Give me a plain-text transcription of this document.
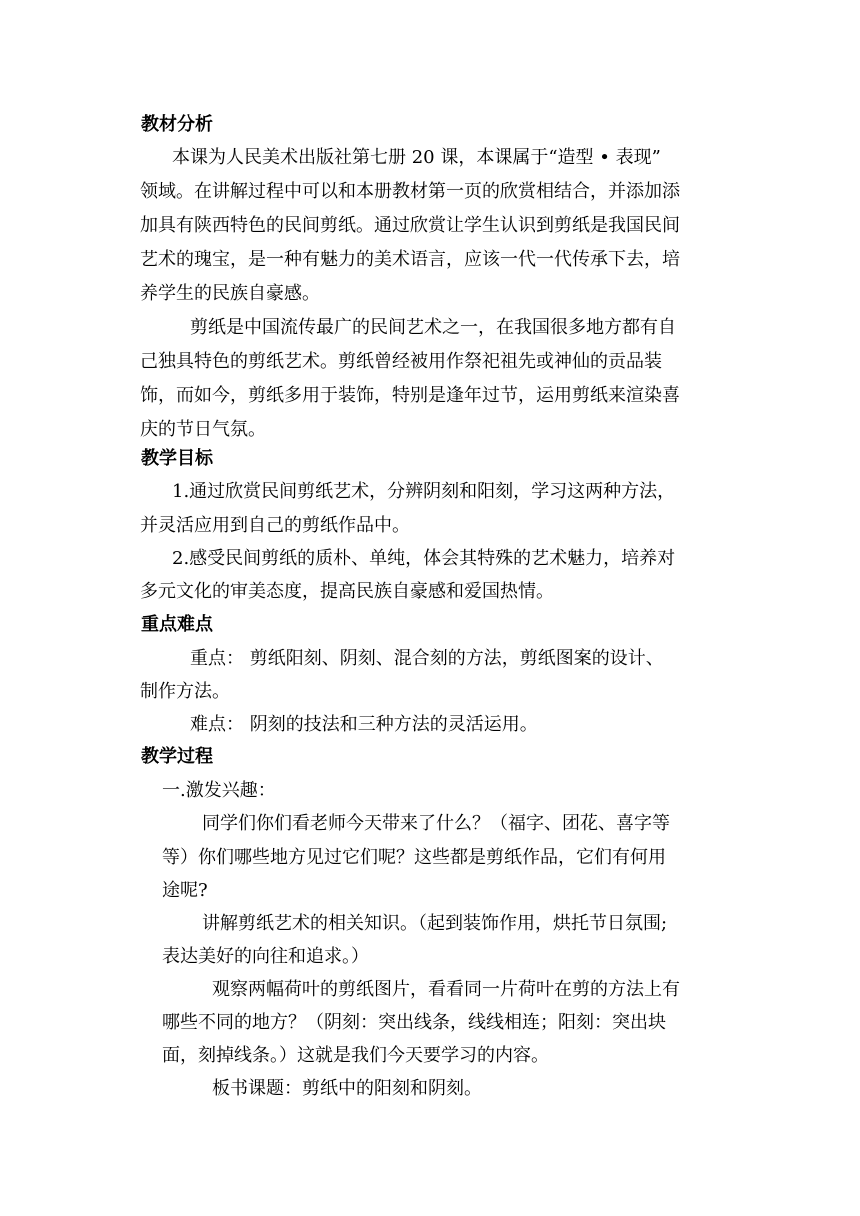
教材分析
本课为人民美术出版社第七册 20 课，本课属于“造型 • 表现”
领域。在讲解过程中可以和本册教材第一页的欣赏相结合，并添加添
加具有陕西特色的民间剪纸。通过欣赏让学生认识到剪纸是我国民间
艺术的瑰宝，是一种有魅力的美术语言，应该一代一代传承下去，培
养学生的民族自豪感。
剪纸是中国流传最广的民间艺术之一，在我国很多地方都有自
己独具特色的剪纸艺术。剪纸曾经被用作祭祀祖先或神仙的贡品装
饰，而如今，剪纸多用于装饰，特别是逢年过节，运用剪纸来渲染喜
庆的节日气氛。
教学目标
1.通过欣赏民间剪纸艺术，分辨阴刻和阳刻，学习这两种方法，
并灵活应用到自己的剪纸作品中。
2.感受民间剪纸的质朴、单纯，体会其特殊的艺术魅力，培养对
多元文化的审美态度，提高民族自豪感和爱国热情。
重点难点
重点： 剪纸阳刻、阴刻、混合刻的方法，剪纸图案的设计、
制作方法。
难点： 阴刻的技法和三种方法的灵活运用。
教学过程
一.激发兴趣：
同学们你们看老师今天带来了什么？（福字、团花、喜字等
等）你们哪些地方见过它们呢？这些都是剪纸作品，它们有何用
途呢?
讲解剪纸艺术的相关知识。（起到装饰作用，烘托节日氛围;
表达美好的向往和追求。）
观察两幅荷叶的剪纸图片，看看同一片荷叶在剪的方法上有
哪些不同的地方？（阴刻：突出线条，线线相连；阳刻：突出块
面，刻掉线条。）这就是我们今天要学习的内容。
板书课题：剪纸中的阳刻和阴刻。
